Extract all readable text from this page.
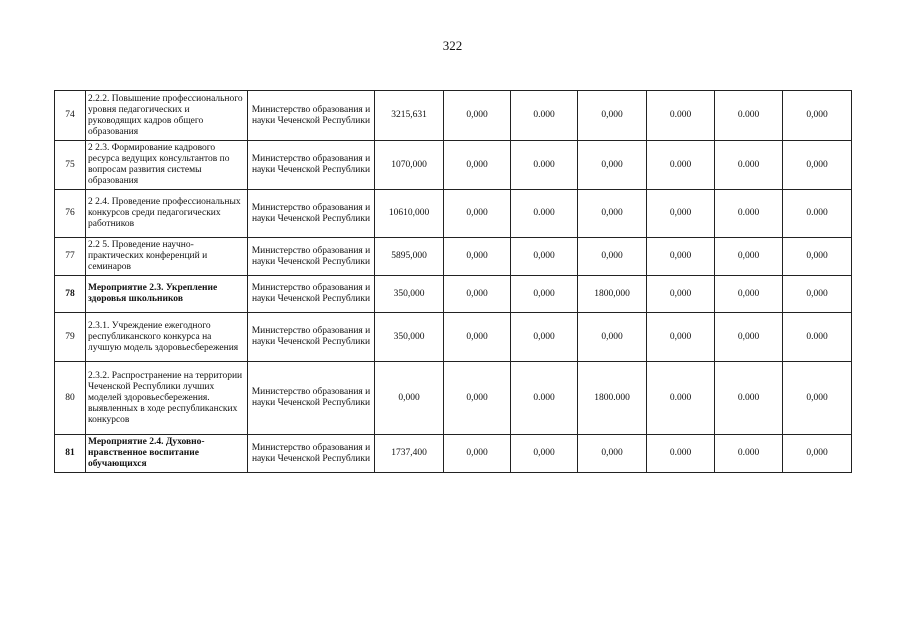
322
74	2.2.2. Повышение профессионального уровня педагогических и руководящих кадров общего образования	Министерство образования и науки Чеченской Республики	3215,631	0,000	0.000	0,000	0.000	0.000	0,000
75	2 2.3. Формирование кадрового ресурса ведущих консультантов по вопросам развития системы образования	Министерство образования и науки Чеченской Республики	1070,000	0,000	0.000	0,000	0.000	0.000	0,000
76	2 2.4. Проведение профессиональных конкурсов среди педагогических работников	Министерство образования и науки Чеченской Республики	10610,000	0,000	0.000	0,000	0,000	0.000	0.000
77	2.2 5. Проведение научно-практических конференций и семинаров	Министерство образования и науки Чеченской Республики	5895,000	0,000	0,000	0,000	0,000	0,000	0,000
78	Мероприятие 2.3. Укрепление здоровья школьников	Министерство образования и науки Чеченской Республики	350,000	0,000	0,000	1800,000	0,000	0,000	0,000
79	2.3.1. Учреждение ежегодного республиканского конкурса на лучшую модель здоровьесбережения	Министерство образования и науки Чеченской Республики	350,000	0,000	0,000	0,000	0,000	0,000	0.000
80	2.3.2. Распространение на территории Чеченской Республики лучших моделей здоровьесбережения. выявленных в ходе республиканских конкурсов	Министерство образования и науки Чеченской Республики	0,000	0,000	0.000	1800.000	0.000	0.000	0,000
81	Мероприятие 2.4. Духовно-нравственное воспитание обучающихся	Министерство образования и науки Чеченской Республики	1737,400	0,000	0,000	0,000	0.000	0.000	0,000
